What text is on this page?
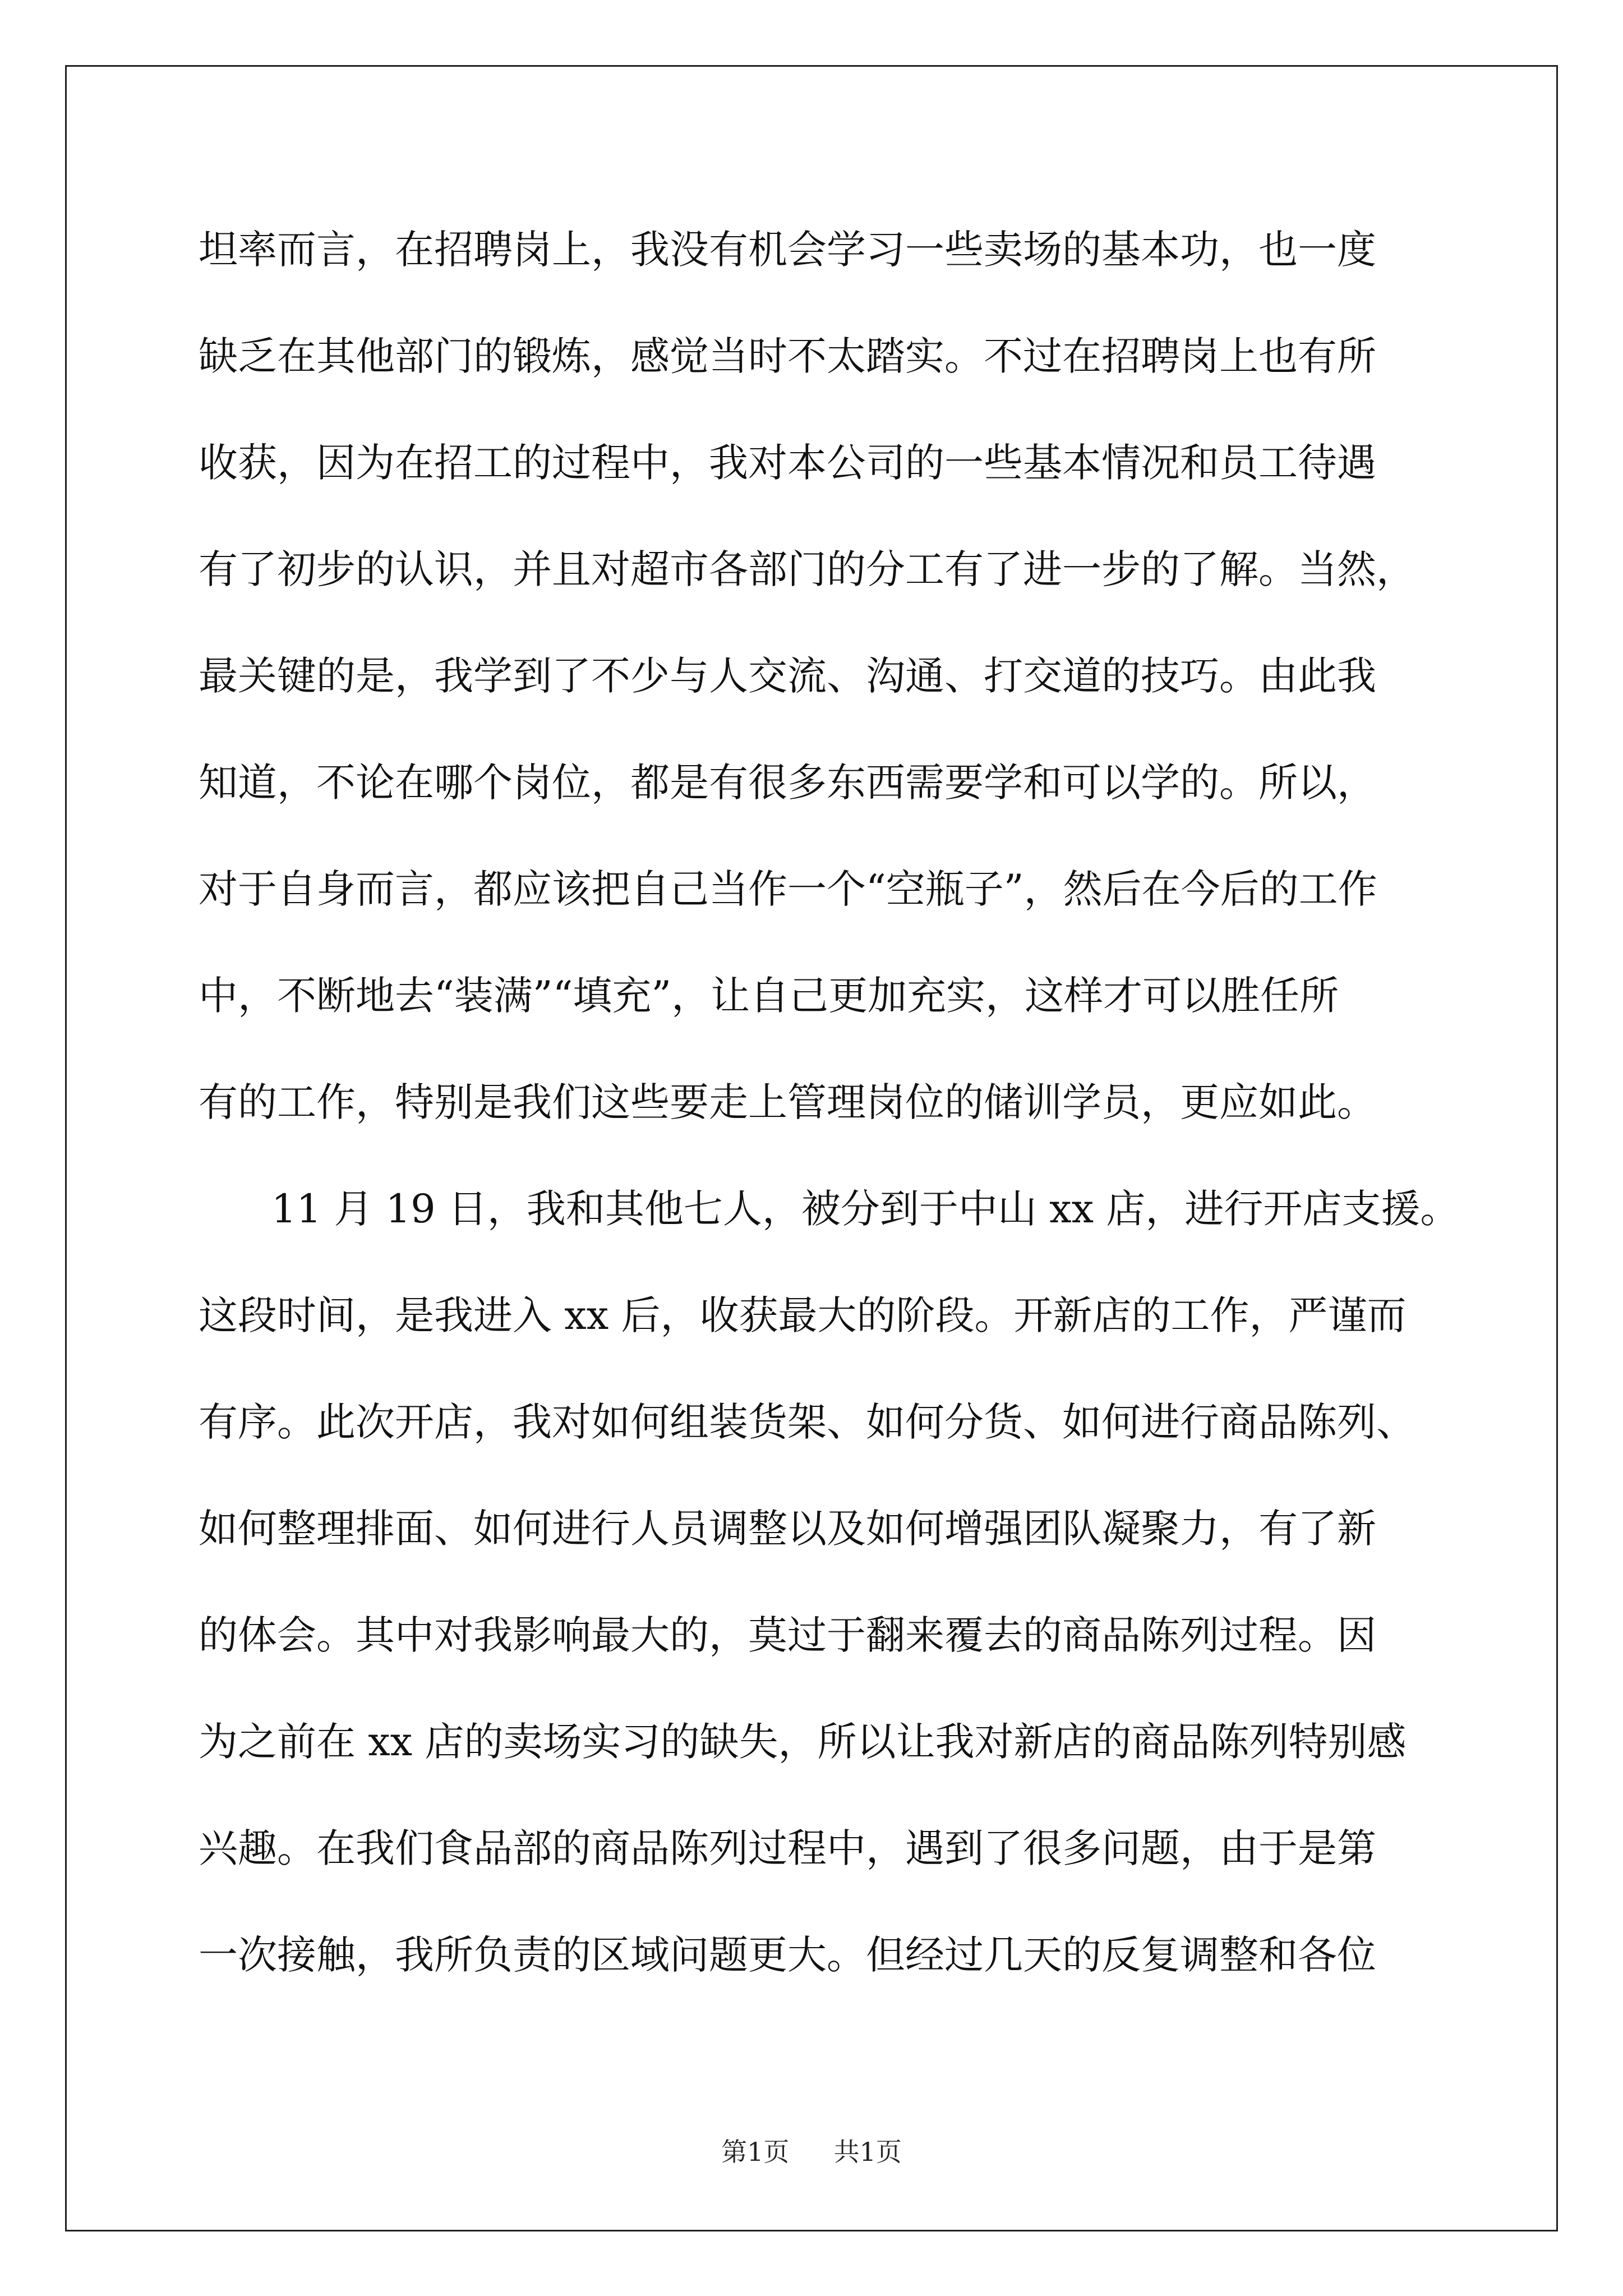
坦率而言，在招聘岗上，我没有机会学习一些卖场的基本功，也一度
缺乏在其他部门的锻炼，感觉当时不太踏实。不过在招聘岗上也有所
收获，因为在招工的过程中，我对本公司的一些基本情况和员工待遇
有了初步的认识，并且对超市各部门的分工有了进一步的了解。当然，
最关键的是，我学到了不少与人交流、沟通、打交道的技巧。由此我
知道，不论在哪个岗位，都是有很多东西需要学和可以学的。所以，
对于自身而言，都应该把自己当作一个“空瓶子”，然后在今后的工作
中，不断地去“装满”“填充”，让自己更加充实，这样才可以胜任所
有的工作，特别是我们这些要走上管理岗位的储训学员，更应如此。
11 月 19 日，我和其他七人，被分到于中山 xx 店，进行开店支援。
这段时间，是我进入 xx 后，收获最大的阶段。开新店的工作，严谨而
有序。此次开店，我对如何组装货架、如何分货、如何进行商品陈列、
如何整理排面、如何进行人员调整以及如何增强团队凝聚力，有了新
的体会。其中对我影响最大的，莫过于翻来覆去的商品陈列过程。因
为之前在 xx 店的卖场实习的缺失，所以让我对新店的商品陈列特别感
兴趣。在我们食品部的商品陈列过程中，遇到了很多问题，由于是第
一次接触，我所负责的区域问题更大。但经过几天的反复调整和各位
第1页 共1页
